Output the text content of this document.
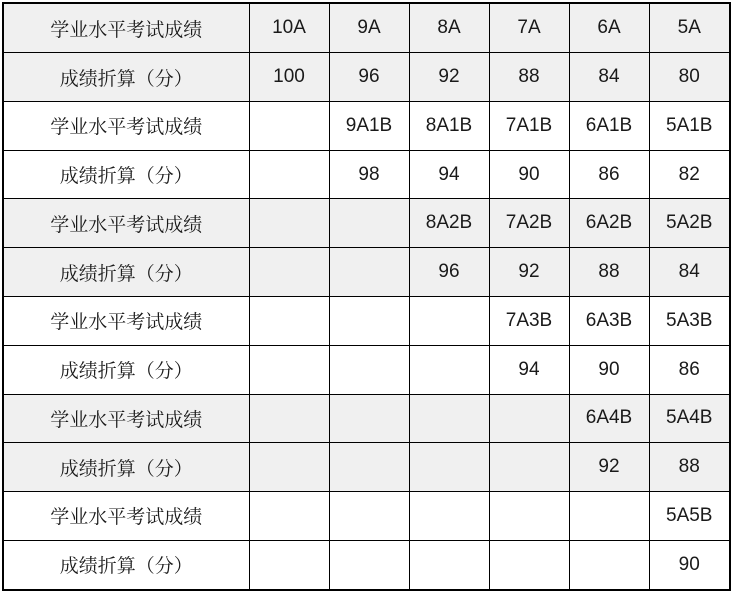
学业水平考试成绩	10A	9A	8A	7A	6A	5A
成绩折算（分）	100	96	92	88	84	80
学业水平考试成绩		9A1B	8A1B	7A1B	6A1B	5A1B
成绩折算（分）		98	94	90	86	82
学业水平考试成绩			8A2B	7A2B	6A2B	5A2B
成绩折算（分）			96	92	88	84
学业水平考试成绩				7A3B	6A3B	5A3B
成绩折算（分）				94	90	86
学业水平考试成绩					6A4B	5A4B
成绩折算（分）					92	88
学业水平考试成绩						5A5B
成绩折算（分）						90
